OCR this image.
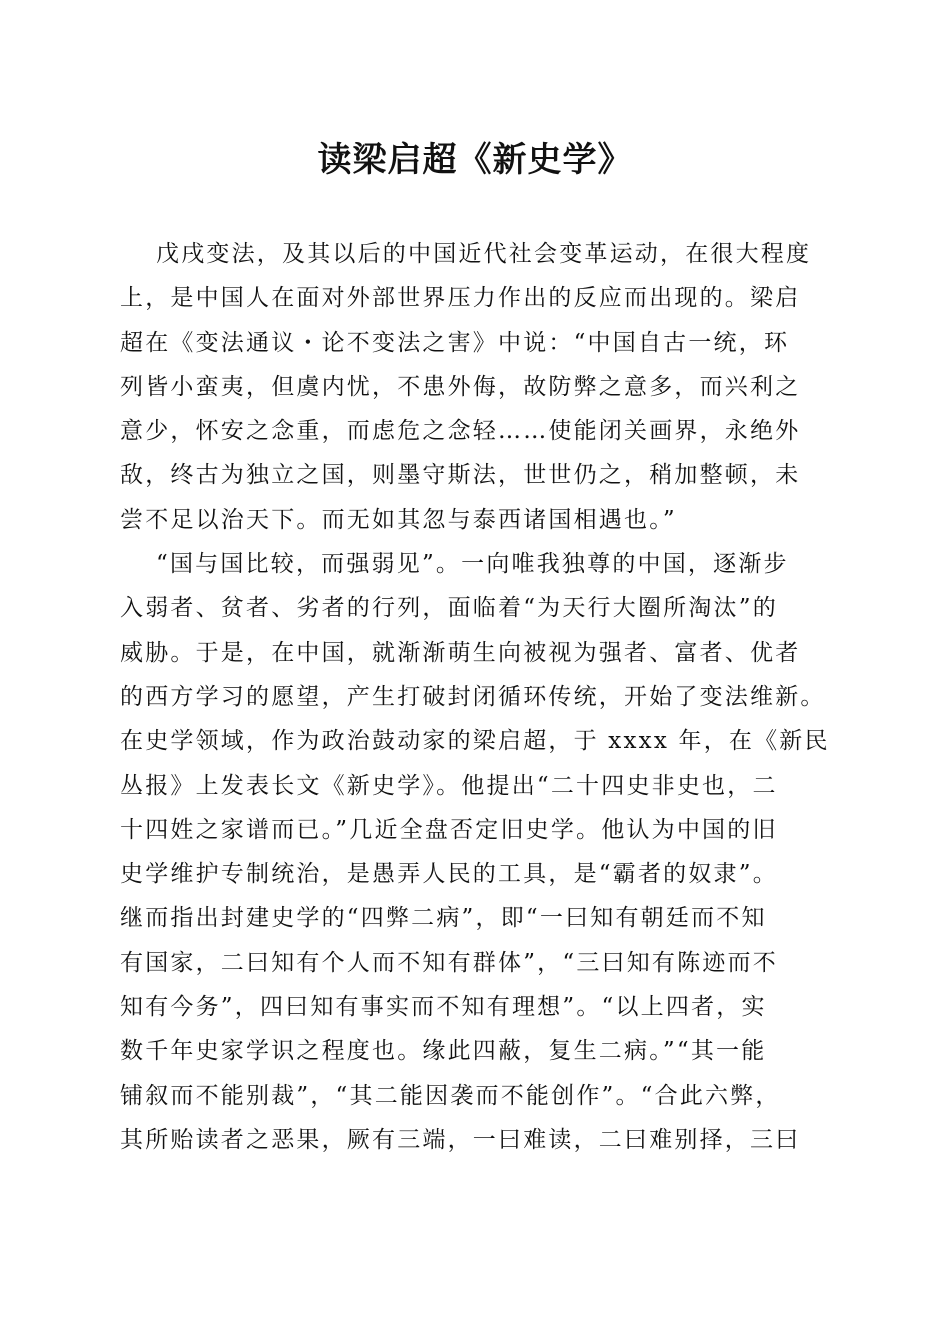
读梁启超《新史学》
戊戌变法，及其以后的中国近代社会变革运动，在很大程度
上，是中国人在面对外部世界压力作出的反应而出现的。梁启
超在《变法通议・论不变法之害》中说：“中国自古一统，环
列皆小蛮夷，但虞内忧，不患外侮，故防弊之意多，而兴利之
意少，怀安之念重，而虑危之念轻……使能闭关画界，永绝外
敌，终古为独立之国，则墨守斯法，世世仍之，稍加整顿，未
尝不足以治天下。而无如其忽与泰西诸国相遇也。”
“国与国比较，而强弱见”。一向唯我独尊的中国，逐渐步
入弱者、贫者、劣者的行列，面临着“为天行大圈所淘汰”的
威胁。于是，在中国，就渐渐萌生向被视为强者、富者、优者
的西方学习的愿望，产生打破封闭循环传统，开始了变法维新。
在史学领域，作为政治鼓动家的梁启超，于 xxxx 年，在《新民
丛报》上发表长文《新史学》。他提出“二十四史非史也，二
十四姓之家谱而已。”几近全盘否定旧史学。他认为中国的旧
史学维护专制统治，是愚弄人民的工具，是“霸者的奴隶”。
继而指出封建史学的“四弊二病”，即“一曰知有朝廷而不知
有国家，二曰知有个人而不知有群体”，“三曰知有陈迹而不
知有今务”，四曰知有事实而不知有理想”。“以上四者，实
数千年史家学识之程度也。缘此四蔽，复生二病。”“其一能
铺叙而不能别裁”，“其二能因袭而不能创作”。“合此六弊，
其所贻读者之恶果，厥有三端，一曰难读，二曰难别择，三曰
